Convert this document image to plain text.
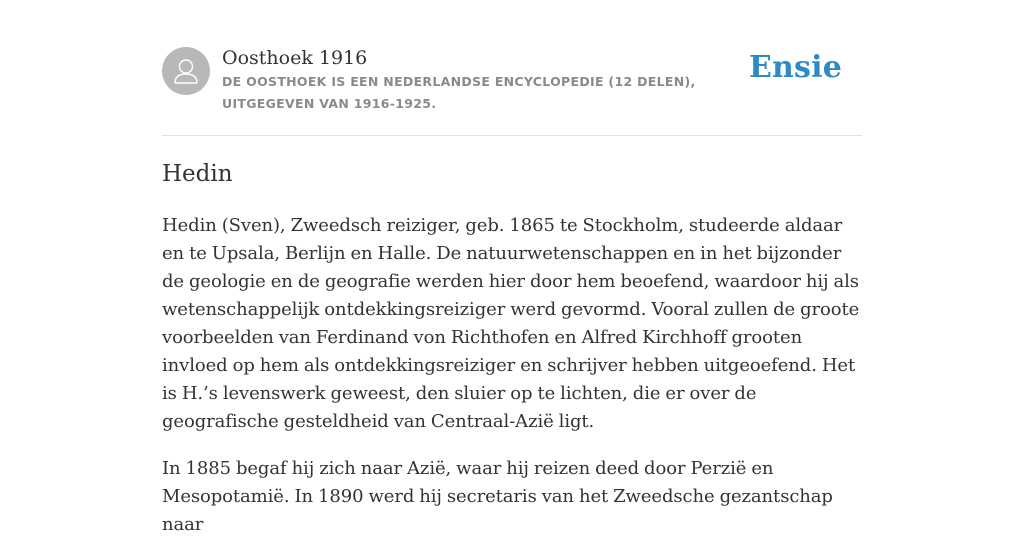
Oosthoek 1916

DE OOSTHOEK IS EEN NEDERLANDSE ENCYCLOPEDIE (12 DELEN), UITGEGEVEN VAN 1916-1925.

Ensie
Hedin

Hedin (Sven), Zweedsch reiziger, geb. 1865 te Stockholm, studeerde aldaar en te Upsala, Berlijn en Halle. De natuurwetenschappen en in het bijzonder de geologie en de geografie werden hier door hem beoefend, waardoor hij als wetenschappelijk ontdekkingsreiziger werd gevormd. Vooral zullen de groote voorbeelden van Ferdinand von Richthofen en Alfred Kirchhoff grooten invloed op hem als ontdekkingsreiziger en schrijver hebben uitgeoefend. Het is H.’s levenswerk geweest, den sluier op te lichten, die er over de geografische gesteldheid van Centraal-Azië ligt.

In 1885 begaf hij zich naar Azië, waar hij reizen deed door Perzië en Mesopotamië. In 1890 werd hij secretaris van het Zweedsche gezantschap naar
